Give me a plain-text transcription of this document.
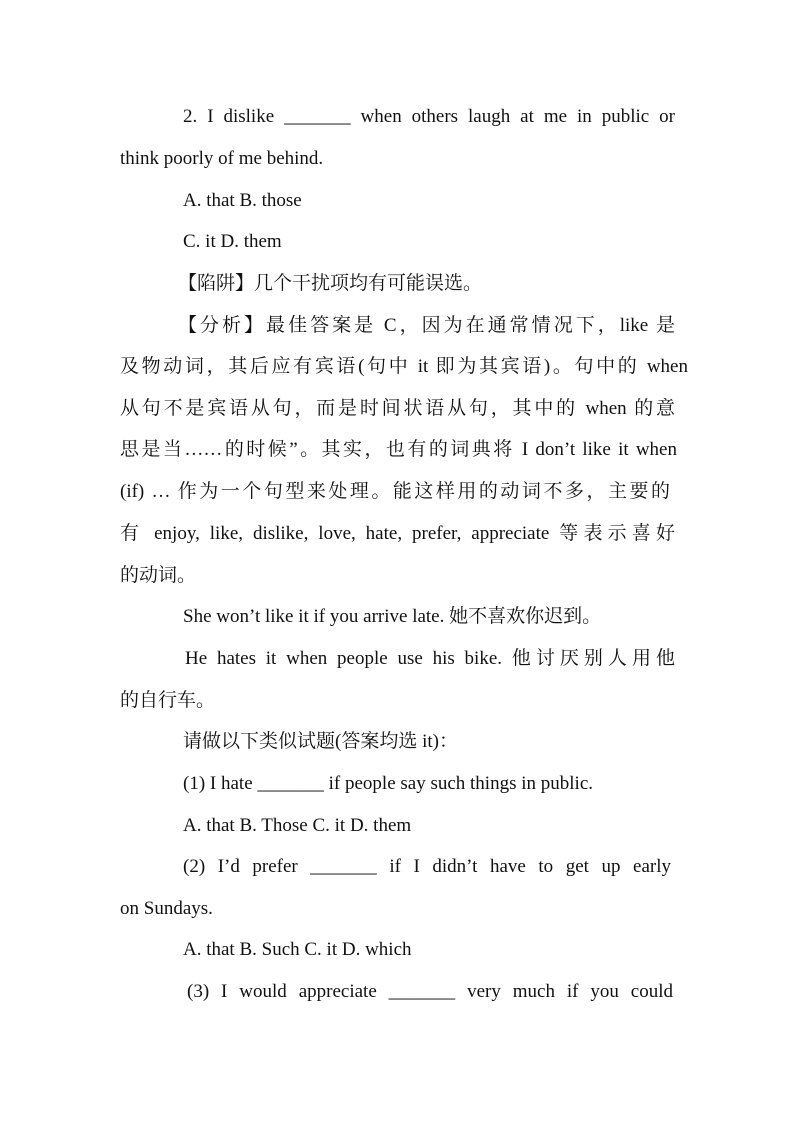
2. I dislike _______ when others laugh at me in public or
think poorly of me behind.
A. that B. those
C. it D. them
【陷阱】几个干扰项均有可能误选。
【分析】最佳答案是 C，因为在通常情况下，like 是
及物动词，其后应有宾语(句中 it 即为其宾语)。句中的 when
从句不是宾语从句，而是时间状语从句，其中的 when 的意
思是当……的时候”。其实，也有的词典将 I don’t like it when
(if) … 作为一个句型来处理。能这样用的动词不多，主要的
有 enjoy, like, dislike, love, hate, prefer, appreciate 等表示喜好
的动词。
She won’t like it if you arrive late. 她不喜欢你迟到。
He hates it when people use his bike. 他讨厌别人用他
的自行车。
请做以下类似试题(答案均选 it)：
(1) I hate _______ if people say such things in public.
A. that B. Those C. it D. them
(2) I’d prefer _______ if I didn’t have to get up early
on Sundays.
A. that B. Such C. it D. which
(3) I would appreciate _______ very much if you could
